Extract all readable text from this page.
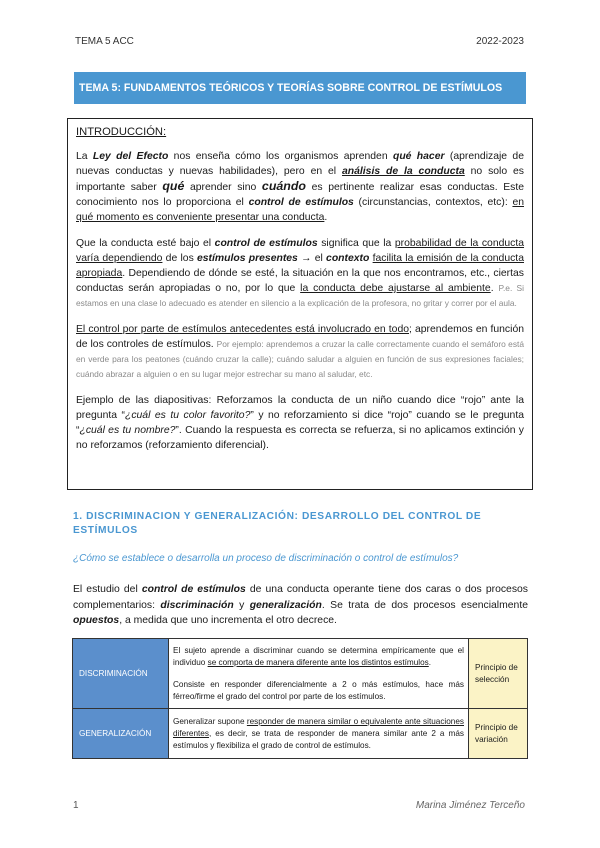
TEMA 5 ACC	2022-2023
TEMA 5: FUNDAMENTOS TEÓRICOS Y TEORÍAS SOBRE CONTROL DE ESTÍMULOS

INTRODUCCIÓN:

La Ley del Efecto nos enseña cómo los organismos aprenden qué hacer (aprendizaje de nuevas conductas y nuevas habilidades), pero en el análisis de la conducta no solo es importante saber qué aprender sino cuándo es pertinente realizar esas conductas. Este conocimiento nos lo proporciona el control de estímulos (circunstancias, contextos, etc): en qué momento es conveniente presentar una conducta.

Que la conducta esté bajo el control de estímulos significa que la probabilidad de la conducta varía dependiendo de los estímulos presentes → el contexto facilita la emisión de la conducta apropiada. Dependiendo de dónde se esté, la situación en la que nos encontramos, etc., ciertas conductas serán apropiadas o no, por lo que la conducta debe ajustarse al ambiente. P.e. Si estamos en una clase lo adecuado es atender en silencio a la explicación de la profesora, no gritar y correr por el aula.

El control por parte de estímulos antecedentes está involucrado en todo; aprendemos en función de los controles de estímulos. Por ejemplo: aprendemos a cruzar la calle correctamente cuando el semáforo está en verde para los peatones (cuándo cruzar la calle); cuándo saludar a alguien en función de sus expresiones faciales; cuándo abrazar a alguien o en su lugar mejor estrechar su mano al saludar, etc.

Ejemplo de las diapositivas: Reforzamos la conducta de un niño cuando dice “rojo” ante la pregunta “¿cuál es tu color favorito?” y no reforzamiento si dice “rojo” cuando se le pregunta “¿cuál es tu nombre?”. Cuando la respuesta es correcta se refuerza, si no aplicamos extinción y no reforzamos (reforzamiento diferencial).

1. DISCRIMINACION Y GENERALIZACIÓN: DESARROLLO DEL CONTROL DE ESTÍMULOS
¿Cómo se establece o desarrolla un proceso de discriminación o control de estímulos?
El estudio del control de estímulos de una conducta operante tiene dos caras o dos procesos complementarios: discriminación y generalización. Se trata de dos procesos esencialmente opuestos, a medida que uno incrementa el otro decrece.
DISCRIMINACIÓN	El sujeto aprende a discriminar cuando se determina empíricamente que el individuo se comporta de manera diferente ante los distintos estímulos.

Consiste en responder diferencialmente a 2 o más estímulos, hace más férreo/firme el grado del control por parte de los estímulos.	Principio de selección
GENERALIZACIÓN	Generalizar supone responder de manera similar o equivalente ante situaciones diferentes, es decir, se trata de responder de manera similar ante 2 a más estímulos y flexibiliza el grado de control de estímulos.	Principio de variación
1	Marina Jiménez Terceño
